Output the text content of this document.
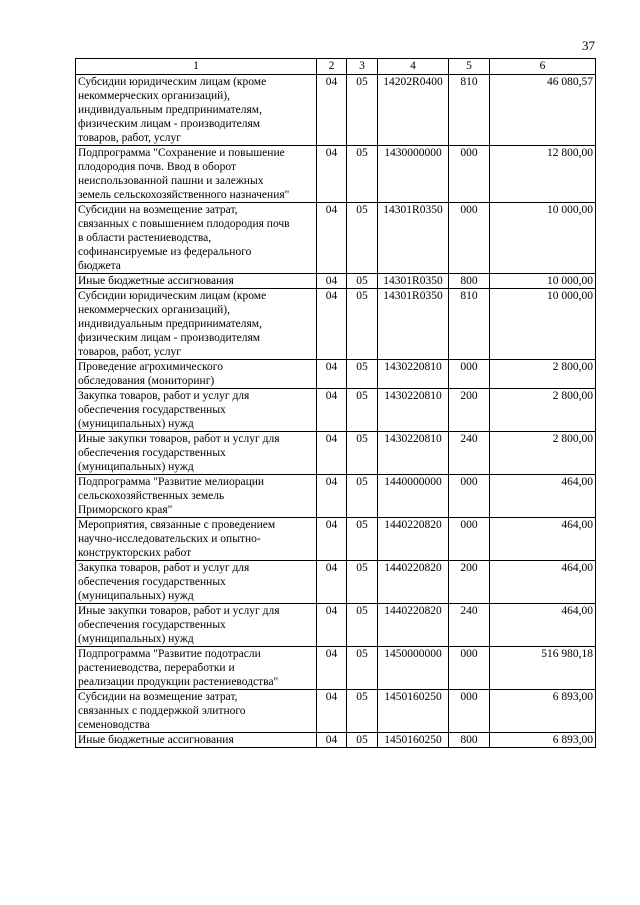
37
1	2	3	4	5	6

Субсидии юридическим лицам (кроме
некоммерческих организаций),
индивидуальным предпринимателям,
физическим лицам - производителям
товаров, работ, услуг	04	05	14202R0400	810	46 080,57

Подпрограмма "Сохранение и повышение
плодородия почв. Ввод в оборот
неиспользованной пашни и залежных
земель сельскохозяйственного назначения"	04	05	1430000000	000	12 800,00

Субсидии на возмещение затрат,
связанных с повышением плодородия почв
в области растениеводства,
софинансируемые из федерального
бюджета	04	05	14301R0350	000	10 000,00

Иные бюджетные ассигнования	04	05	14301R0350	800	10 000,00

Субсидии юридическим лицам (кроме
некоммерческих организаций),
индивидуальным предпринимателям,
физическим лицам - производителям
товаров, работ, услуг	04	05	14301R0350	810	10 000,00

Проведение агрохимического
обследования (мониторинг)	04	05	1430220810	000	2 800,00

Закупка товаров, работ и услуг для
обеспечения государственных
(муниципальных) нужд	04	05	1430220810	200	2 800,00

Иные закупки товаров, работ и услуг для
обеспечения государственных
(муниципальных) нужд	04	05	1430220810	240	2 800,00

Подпрограмма "Развитие мелиорации
сельскохозяйственных земель
Приморского края"	04	05	1440000000	000	464,00

Мероприятия, связанные с проведением
научно-исследовательских и опытно-
конструкторских работ	04	05	1440220820	000	464,00

Закупка товаров, работ и услуг для
обеспечения государственных
(муниципальных) нужд	04	05	1440220820	200	464,00

Иные закупки товаров, работ и услуг для
обеспечения государственных
(муниципальных) нужд	04	05	1440220820	240	464,00

Подпрограмма "Развитие подотрасли
растениеводства, переработки и
реализации продукции растениеводства"	04	05	1450000000	000	516 980,18

Субсидии на возмещение затрат,
связанных с поддержкой элитного
семеноводства	04	05	1450160250	000	6 893,00

Иные бюджетные ассигнования	04	05	1450160250	800	6 893,00
